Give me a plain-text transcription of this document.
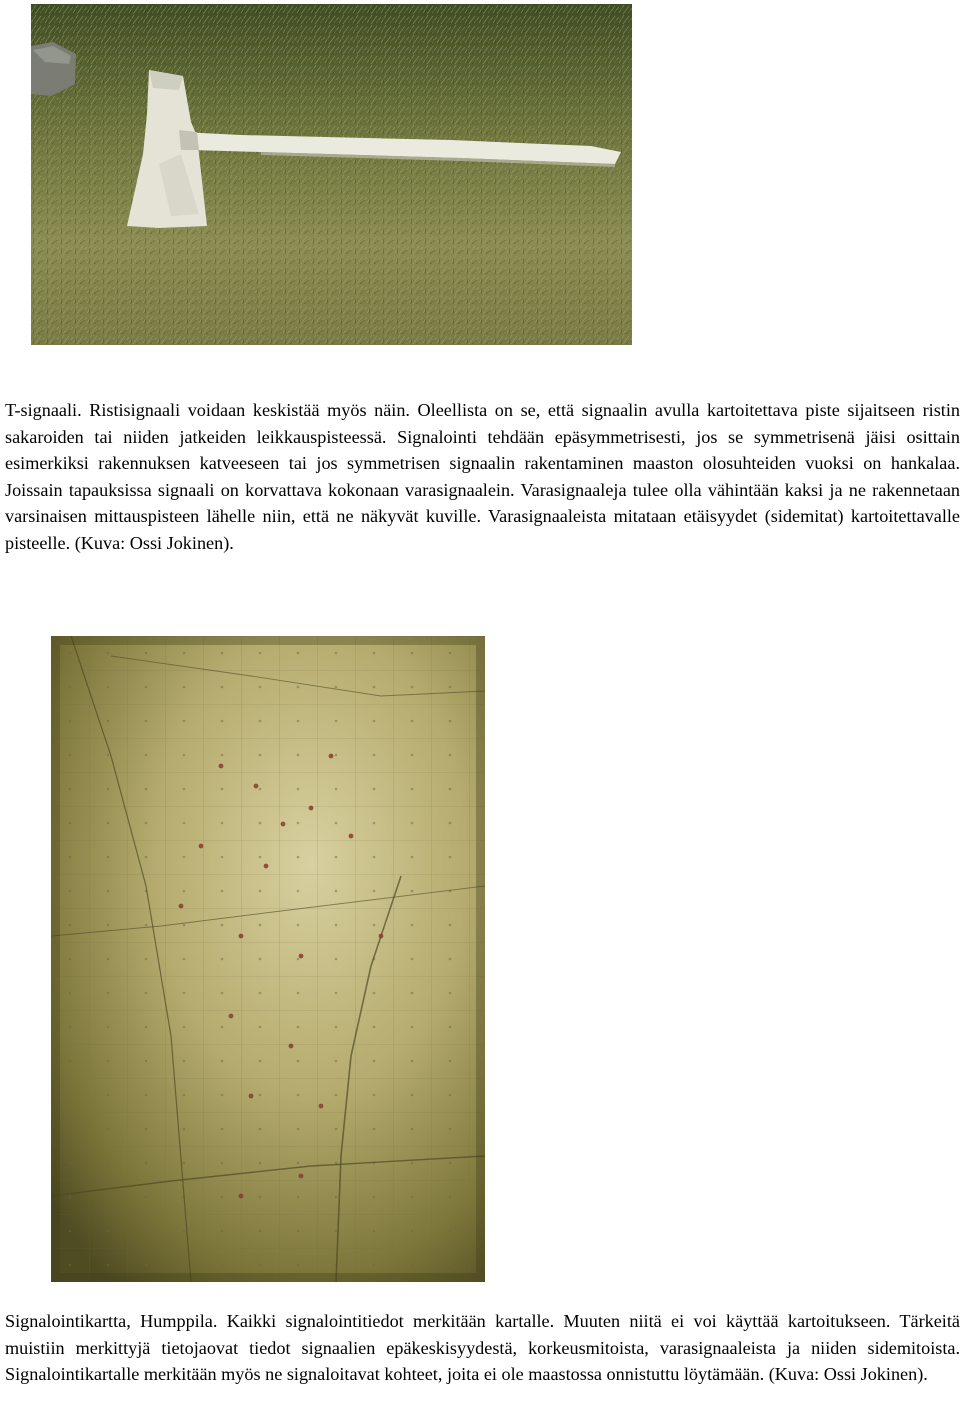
T-signaali. Ristisignaali voidaan keskistää myös näin. Oleellista on se, että signaalin avulla kartoitettava piste sijaitseen ristin sakaroiden tai niiden jatkeiden leikkauspisteessä. Signalointi tehdään epäsymmetrisesti, jos se symmetrisenä jäisi osittain esimerkiksi rakennuksen katveeseen tai jos symmetrisen signaalin rakentaminen maaston olosuhteiden vuoksi on hankalaa. Joissain tapauksissa signaali on korvattava kokonaan varasignaalein. Varasignaaleja tulee olla vähintään kaksi ja ne rakennetaan varsinaisen mittauspisteen lähelle niin, että ne näkyvät kuville. Varasignaaleista mitataan etäisyydet (sidemitat) kartoitettavalle pisteelle. (Kuva: Ossi Jokinen).

Signalointikartta, Humppila. Kaikki signalointitiedot merkitään kartalle. Muuten niitä ei voi käyttää kartoitukseen. Tärkeitä muistiin merkittyjä tietojaovat tiedot signaalien epäkeskisyydestä, korkeusmitoista, varasignaaleista ja niiden sidemitoista. Signalointikartalle merkitään myös ne signaloitavat kohteet, joita ei ole maastossa onnistuttu löytämään. (Kuva: Ossi Jokinen).
